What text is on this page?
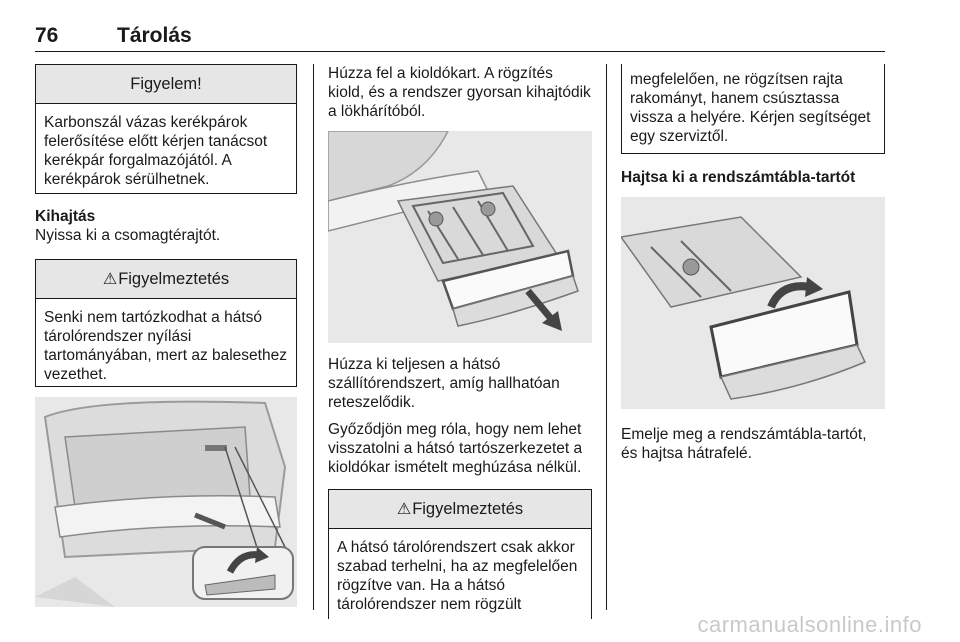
76	Tárolás
Figyelem!
Karbonszál vázas kerékpárok felerősítése előtt kérjen tanácsot kerékpár forgalmazójától. A kerékpárok sérülhetnek.

Kihajtás

Nyissa ki a csomagtérajtót.

⚠ Figyelmeztetés
Senki nem tartózkodhat a hátsó tárolórendszer nyílási tartományában, mert az balesethez vezethet.

Húzza fel a kioldókart. A rögzítés kiold, és a rendszer gyorsan kihajtódik a lökhárítóból.

Húzza ki teljesen a hátsó szállítórendszert, amíg hallhatóan reteszelődik.

Győződjön meg róla, hogy nem lehet visszatolni a hátsó tartószerkezetet a kioldókar ismételt meghúzása nélkül.

⚠ Figyelmeztetés
A hátsó tárolórendszert csak akkor szabad terhelni, ha az megfelelően rögzítve van. Ha a hátsó tárolórendszer nem rögzült
megfelelően, ne rögzítsen rajta rakományt, hanem csúsztassa vissza a helyére. Kérjen segítséget egy szerviztől.

Hajtsa ki a rendszámtábla-tartót

Emelje meg a rendszámtábla-tartót, és hajtsa hátrafelé.

carmanualsonline.info
